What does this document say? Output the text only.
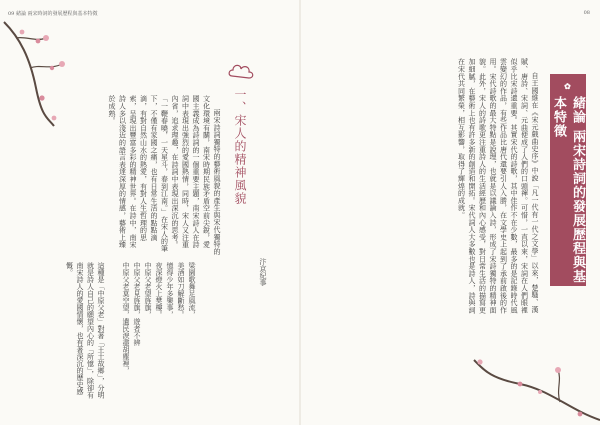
09 緒論 兩宋時詞的發展歷程與基本特徵
一、宋人的精神風貌

兩宋詩詞獨特的藝術風貌的產生與宋代獨特的文化環境有關，南宋時期民族矛盾空前尖銳，愛國主義成為詩詞的一個重要主題，南宋詩人在詩詞中表現出強烈的愛國熱情，同時，宋人又注重內省，追求理趣，在詩詞中表現出深沉的思考。「一鞭春曉，一天星斗，春到江南。」在宋人的筆下，不僅有家國之痛，也有日常生活的點點滴滴，有對自然山水的熱愛，有對人生哲理的思索，呈現出豐富多彩的精神世界。在詩中，南宋詩人多以淺近的語言表達深厚的情感，藝術上臻於成熟。

汴京紀事
梁園歌舞足風流，
美酒如刀解斷愁。
憶得少年多樂事，
夜深燈火上樊樓。
中原父老望旌旗，
中原父老見旌旗，遊者不辨
中原父老莫空望，遺民淚盡胡塵裡，
這種是「中原父老」對著「王土故鄉」，分明就是詩人自己的願望內心的「所憶」，除卻有南宋詩人的愛國情懷，也有著深沉的歷史感慨。
08
✿
緒論 兩宋詩詞的發展歷程與基本特徵

自王國維在《宋元戲曲史序》中說「凡一代有一代之文學」以來，楚騷、漢賦、唐詩、宋詞、元曲便成了人們的口頭禪。可惜，一直以來，宋詞在人們眼裡似乎比宋詩還重要。其實宋代的詩歌，其中佳作不在少數，最多的是記錄時代風雲變幻的作品，有些作品比唐代還要引人入勝，在文學史上起到了承前啟後的作用。宋代詩歌的最大特點是說理，也就是以議論入詩，形成了宋詩獨特的精神面貌。此外，宋人的詩歌更注重詩人的生活經歷和內心感受，對日常生活的描寫更加細膩，在藝術上也有許多新的創造和開拓。宋代詞人大多數也是詩人，詩與詞在宋代共同繁榮，相互影響，取得了輝煌的成就。
